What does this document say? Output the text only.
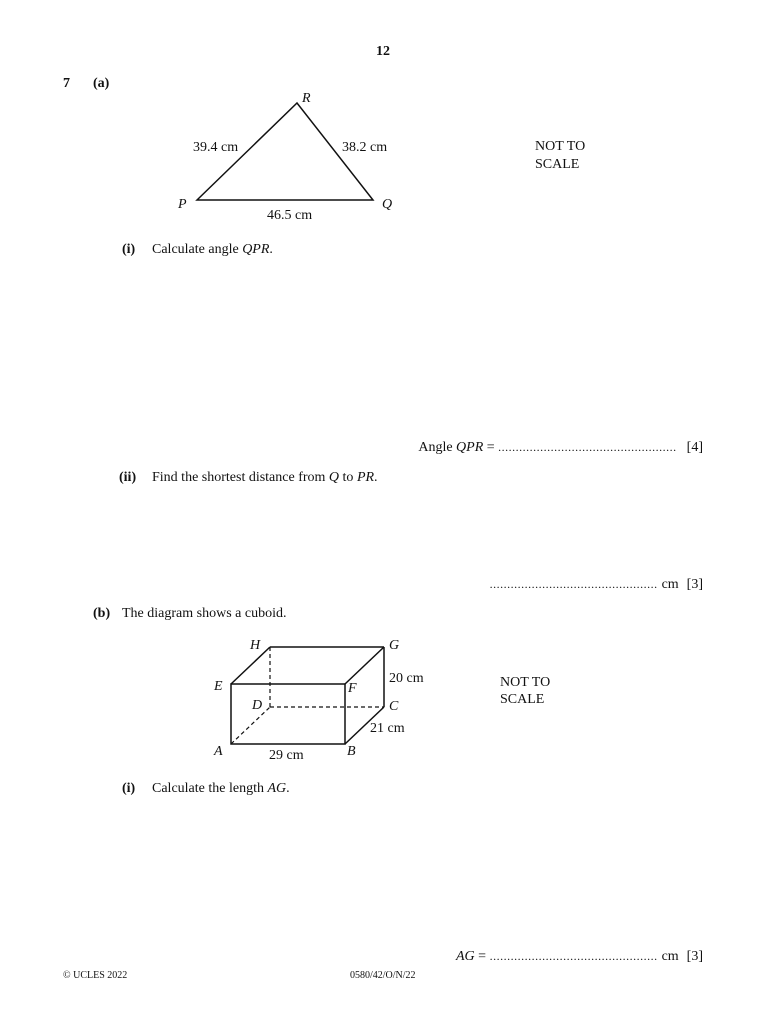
12
7 (a)
R
P	Q
39.4 cm	38.2 cm
46.5 cm
NOT TO
SCALE
(i) Calculate angle QPR.
Angle QPR = ................................................... [4]
(ii) Find the shortest distance from Q to PR.
................................................ cm [3]
(b) The diagram shows a cuboid.
H	G
E	F
D	C
A	B
20 cm
21 cm
29 cm
NOT TO
SCALE
(i) Calculate the length AG.
AG = ................................................ cm [3]
© UCLES 2022	0580/42/O/N/22
